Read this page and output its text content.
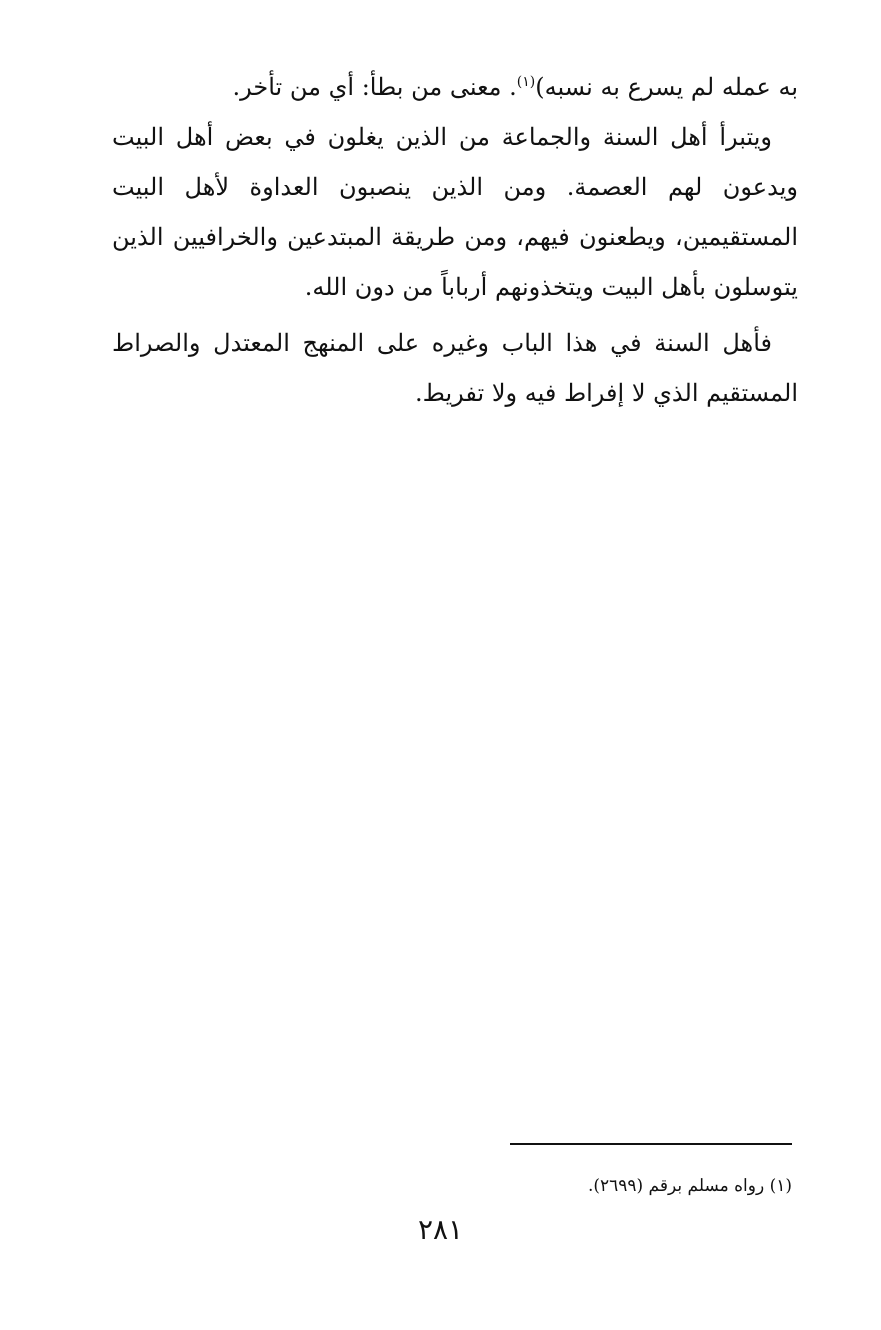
به عمله لم يسرع به نسبه)$^{(١)}$. معنى من بطأ: أي من تأخر.

ويتبرأ أهل السنة والجماعة من الذين يغلون في بعض أهل البيت ويدعون لهم العصمة. ومن الذين ينصبون العداوة لأهل البيت المستقيمين، ويطعنون فيهم، ومن طريقة المبتدعين والخرافيين الذين يتوسلون بأهل البيت ويتخذونهم أرباباً من دون الله.

فأهل السنة في هذا الباب وغيره على المنهج المعتدل والصراط المستقيم الذي لا إفراط فيه ولا تفريط.

(١) رواه مسلم برقم (٢٦٩٩).
٢٨١
